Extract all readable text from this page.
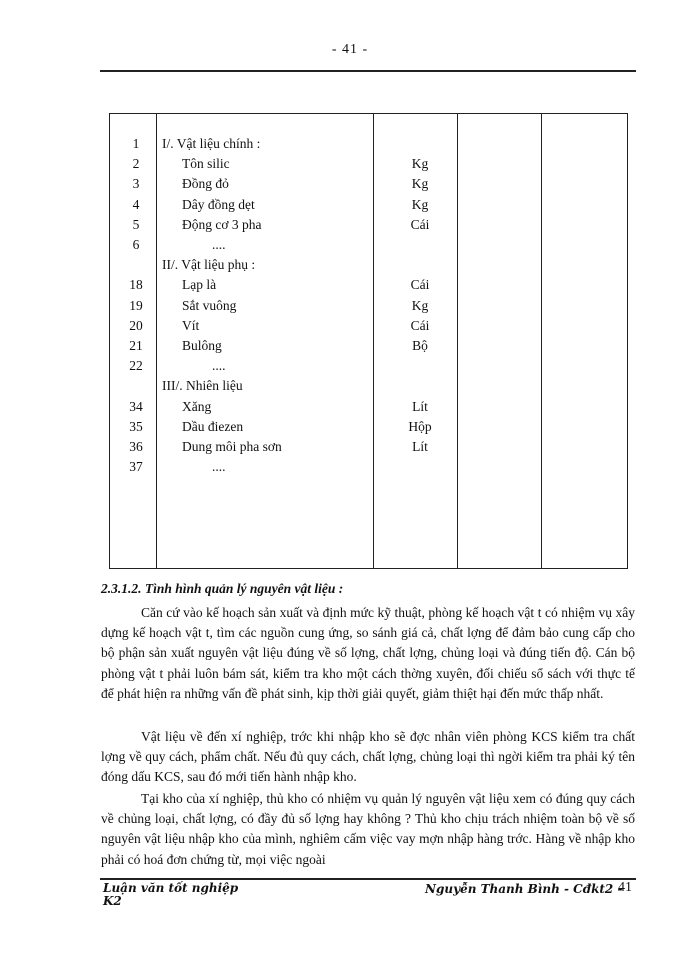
- 41 -
1	I/. Vật liệu chính :
2	Tôn silic	Kg
3	Đồng đỏ	Kg
4	Dây đồng dẹt	Kg
5	Động cơ 3 pha	Cái
6	....
II/. Vật liệu phụ :
18	Lạp là	Cái
19	Sắt vuông	Kg
20	Vít	Cái
21	Bulông	Bộ
22	....
III/. Nhiên liệu
34	Xăng	Lít
35	Dầu điezen	Hộp
36	Dung môi pha sơn	Lít
37	....
2.3.1.2. Tình hình quản lý nguyên vật liệu :
Căn cứ vào kế hoạch sản xuất và định mức kỹ thuật, phòng kế hoạch vật t có nhiệm vụ xây dựng kế hoạch vật t, tìm các nguồn cung ứng, so sánh giá cả, chất lợng để đảm bảo cung cấp cho bộ phận sản xuất nguyên vật liệu đúng về số lợng, chất lợng, chủng loại và đúng tiến độ. Cán bộ phòng vật t phải luôn bám sát, kiểm tra kho một cách thờng xuyên, đối chiếu sổ sách với thực tế để phát hiện ra những vấn đề phát sinh, kịp thời giải quyết, giảm thiệt hại đến mức thấp nhất.
Vật liệu về đến xí nghiệp, trớc khi nhập kho sẽ đợc nhân viên phòng KCS kiểm tra chất lợng về quy cách, phẩm chất. Nếu đủ quy cách, chất lợng, chủng loại thì ngời kiểm tra phải ký tên đóng dấu KCS, sau đó mới tiến hành nhập kho.
Tại kho của xí nghiệp, thủ kho có nhiệm vụ quản lý nguyên vật liệu xem có đúng quy cách về chủng loại, chất lợng, có đầy đủ số lợng hay không ? Thủ kho chịu trách nhiệm toàn bộ về số nguyên vật liệu nhập kho của mình, nghiêm cấm việc vay mợn nhập hàng trớc. Hàng về nhập kho phải có hoá đơn chứng từ, mọi việc ngoài
Luận văn tốt nghiệp
K2
Nguyễn Thanh Bình - Cđkt2 -
41
